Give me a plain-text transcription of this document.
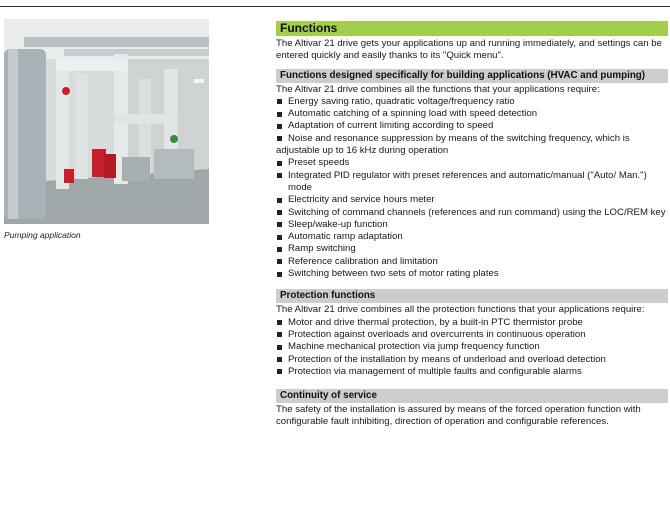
Pumping application
Functions

The Altivar 21 drive gets your applications up and running immediately, and settings can be entered quickly and easily thanks to its "Quick menu".

Functions designed specifically for building applications (HVAC and pumping)

The Altivar 21 drive combines all the functions that your applications require:

Energy saving ratio, quadratic voltage/frequency ratio
Automatic catching of a spinning load with speed detection
Adaptation of current limiting according to speed
Noise and resonance suppression by means of the switching frequency, which is adjustable up to 16 kHz during operation
Preset speeds
Integrated PID regulator with preset references and automatic/manual ("Auto/ Man.") mode
Electricity and service hours meter
Switching of command channels (references and run command) using the LOC/REM key
Sleep/wake-up function
Automatic ramp adaptation
Ramp switching
Reference calibration and limitation
Switching between two sets of motor rating plates
Protection functions

The Altivar 21 drive combines all the protection functions that your applications require:

Motor and drive thermal protection, by a built-in PTC thermistor probe
Protection against overloads and overcurrents in continuous operation
Machine mechanical protection via jump frequency function
Protection of the installation by means of underload and overload detection
Protection via management of multiple faults and configurable alarms
Continuity of service

The safety of the installation is assured by means of the forced operation function with configurable fault inhibiting, direction of operation and configurable references.
